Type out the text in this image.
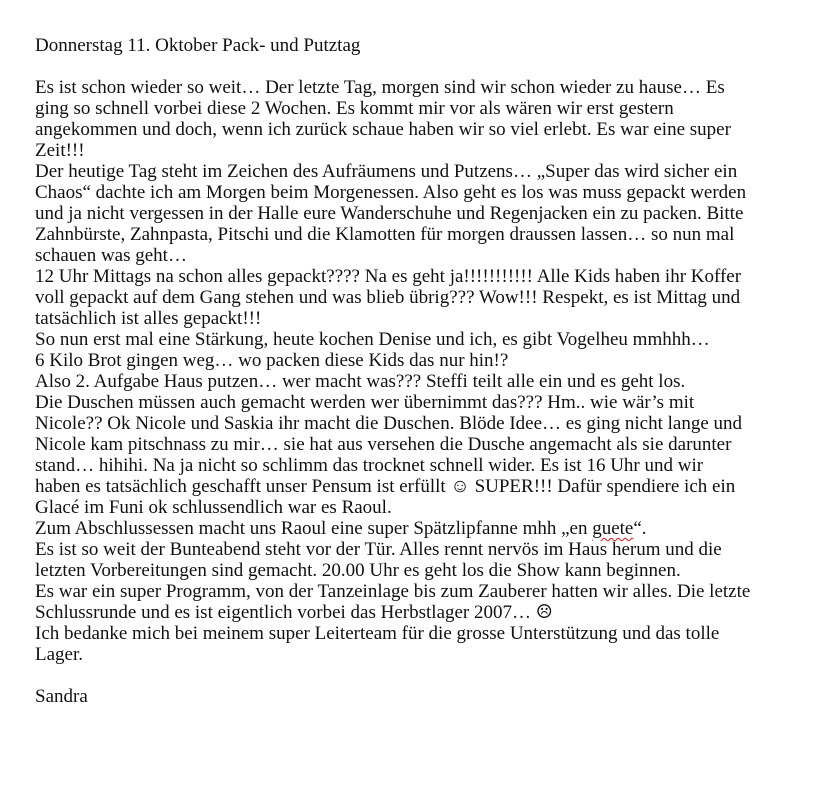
Donnerstag 11. Oktober Pack- und Putztag
Es ist schon wieder so weit… Der letzte Tag, morgen sind wir schon wieder zu hause… Es
ging so schnell vorbei diese 2 Wochen. Es kommt mir vor als wären wir erst gestern
angekommen und doch, wenn ich zurück schaue haben wir so viel erlebt. Es war eine super
Zeit!!!
Der heutige Tag steht im Zeichen des Aufräumens und Putzens… „Super das wird sicher ein
Chaos“ dachte ich am Morgen beim Morgenessen. Also geht es los was muss gepackt werden
und ja nicht vergessen in der Halle eure Wanderschuhe und Regenjacken ein zu packen. Bitte
Zahnbürste, Zahnpasta, Pitschi und die Klamotten für morgen draussen lassen… so nun mal
schauen was geht…
12 Uhr Mittags na schon alles gepackt???? Na es geht ja!!!!!!!!!!! Alle Kids haben ihr Koffer
voll gepackt auf dem Gang stehen und was blieb übrig??? Wow!!! Respekt, es ist Mittag und
tatsächlich ist alles gepackt!!!
So nun erst mal eine Stärkung, heute kochen Denise und ich, es gibt Vogelheu mmhhh…
6 Kilo Brot gingen weg… wo packen diese Kids das nur hin!?
Also 2. Aufgabe Haus putzen… wer macht was??? Steffi teilt alle ein und es geht los.
Die Duschen müssen auch gemacht werden wer übernimmt das??? Hm.. wie wär’s mit
Nicole?? Ok Nicole und Saskia ihr macht die Duschen. Blöde Idee… es ging nicht lange und
Nicole kam pitschnass zu mir… sie hat aus versehen die Dusche angemacht als sie darunter
stand… hihihi. Na ja nicht so schlimm das trocknet schnell wider. Es ist 16 Uhr und wir
haben es tatsächlich geschafft unser Pensum ist erfüllt ☺ SUPER!!! Dafür spendiere ich ein
Glacé im Funi ok schlussendlich war es Raoul.
Zum Abschlussessen macht uns Raoul eine super Spätzlipfanne mhh „en guete“.
Es ist so weit der Bunteabend steht vor der Tür. Alles rennt nervös im Haus herum und die
letzten Vorbereitungen sind gemacht. 20.00 Uhr es geht los die Show kann beginnen.
Es war ein super Programm, von der Tanzeinlage bis zum Zauberer hatten wir alles. Die letzte
Schlussrunde und es ist eigentlich vorbei das Herbstlager 2007… ☹
Ich bedanke mich bei meinem super Leiterteam für die grosse Unterstützung und das tolle
Lager.
Sandra
